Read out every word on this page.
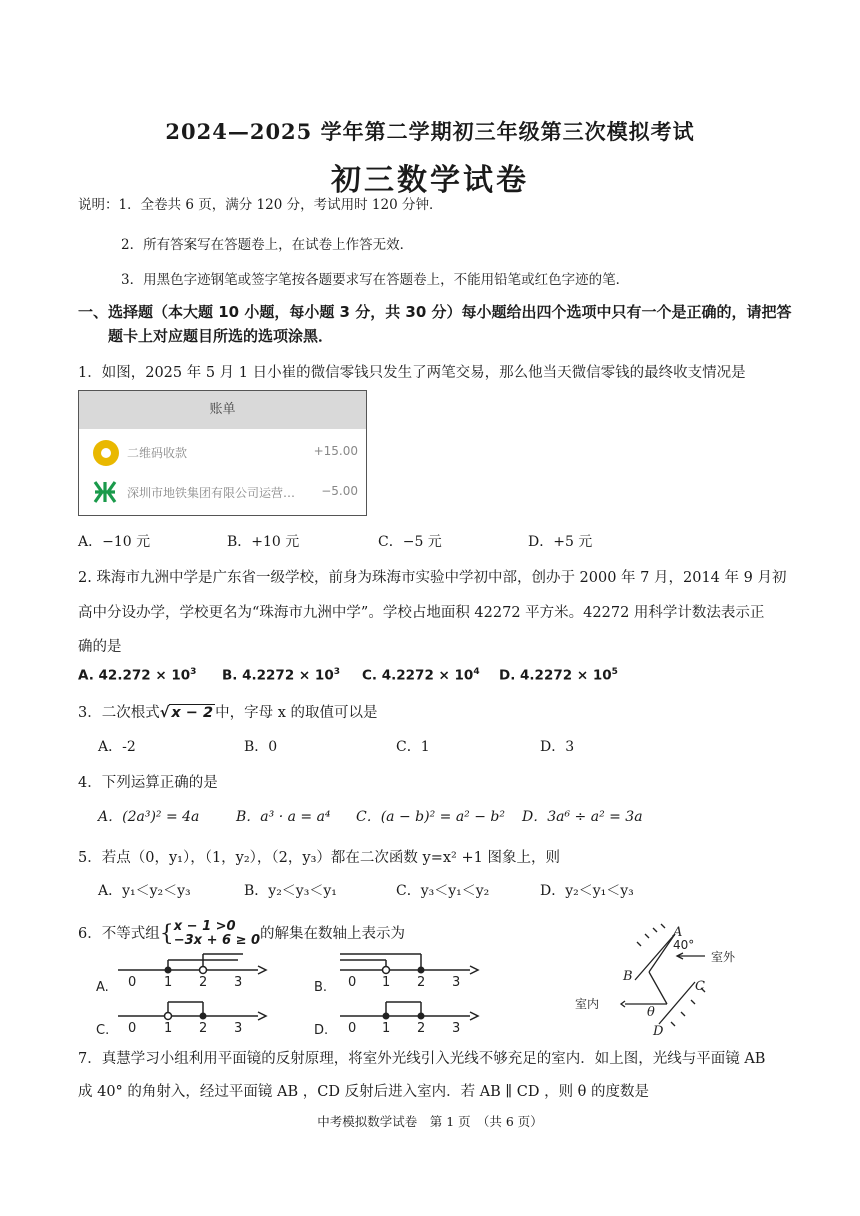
2024—2025 学年第二学期初三年级第三次模拟考试
初三数学试卷
说明：1．全卷共 6 页，满分 120 分，考试用时 120 分钟．
2．所有答案写在答题卷上，在试卷上作答无效．
3．用黑色字迹钢笔或签字笔按各题要求写在答题卷上，不能用铅笔或红色字迹的笔．
一、选择题（本大题 10 小题，每小题 3 分，共 30 分）每小题给出四个选项中只有一个是正确的，请把答
题卡上对应题目所选的选项涂黑．
1．如图，2025 年 5 月 1 日小崔的微信零钱只发生了两笔交易，那么他当天微信零钱的最终收支情况是
账单
二维码收款	+15.00
深圳市地铁集团有限公司运营… −5.00
A．−10 元	B．+10 元	C．−5 元	D．+5 元
2. 珠海市九洲中学是广东省一级学校，前身为珠海市实验中学初中部，创办于 2000 年 7 月，2014 年 9 月初
高中分设办学，学校更名为“珠海市九洲中学”。学校占地面积 42272 平方米。42272 用科学计数法表示正
确的是
A. $42.272 \times 10^3$ B. $4.2272 \times 10^3$ C. $4.2272 \times 10^4$ D. $4.2272 \times 10^5$
3．二次根式√ x − 2 中，字母 x 的取值可以是
A．-2	B．0	C．1	D．3
4．下列运算正确的是
A．(2a³)² = 4a	B．a³ · a = a⁴ C．(a − b)² = a² − b² D．3a⁶ ÷ a² = 3a
5．若点（0，y₁），（1，y₂），（2，y₃）都在二次函数 y=x² +1 图象上，则
A．y₁＜y₂＜y₃	B．y₂＜y₃＜y₁	C．y₃＜y₁＜y₂	D．y₂＜y₁＜y₃
6．不等式组{x − 1 >0
−3x + 6 ≥ 0的解集在数轴上表示为
A. 0 1 2 3	B. 0 1 2 3
C. 0 1 2 3	D. 0 1 2 3
A
B
C
D
θ
40°
室外
室内
7．真慧学习小组利用平面镜的反射原理，将室外光线引入光线不够充足的室内．如上图，光线与平面镜 AB
成 40° 的角射入，经过平面镜 AB ，CD 反射后进入室内．若 AB ∥ CD ，则 θ 的度数是
中考模拟数学试卷　第 1 页　（共 6 页）
